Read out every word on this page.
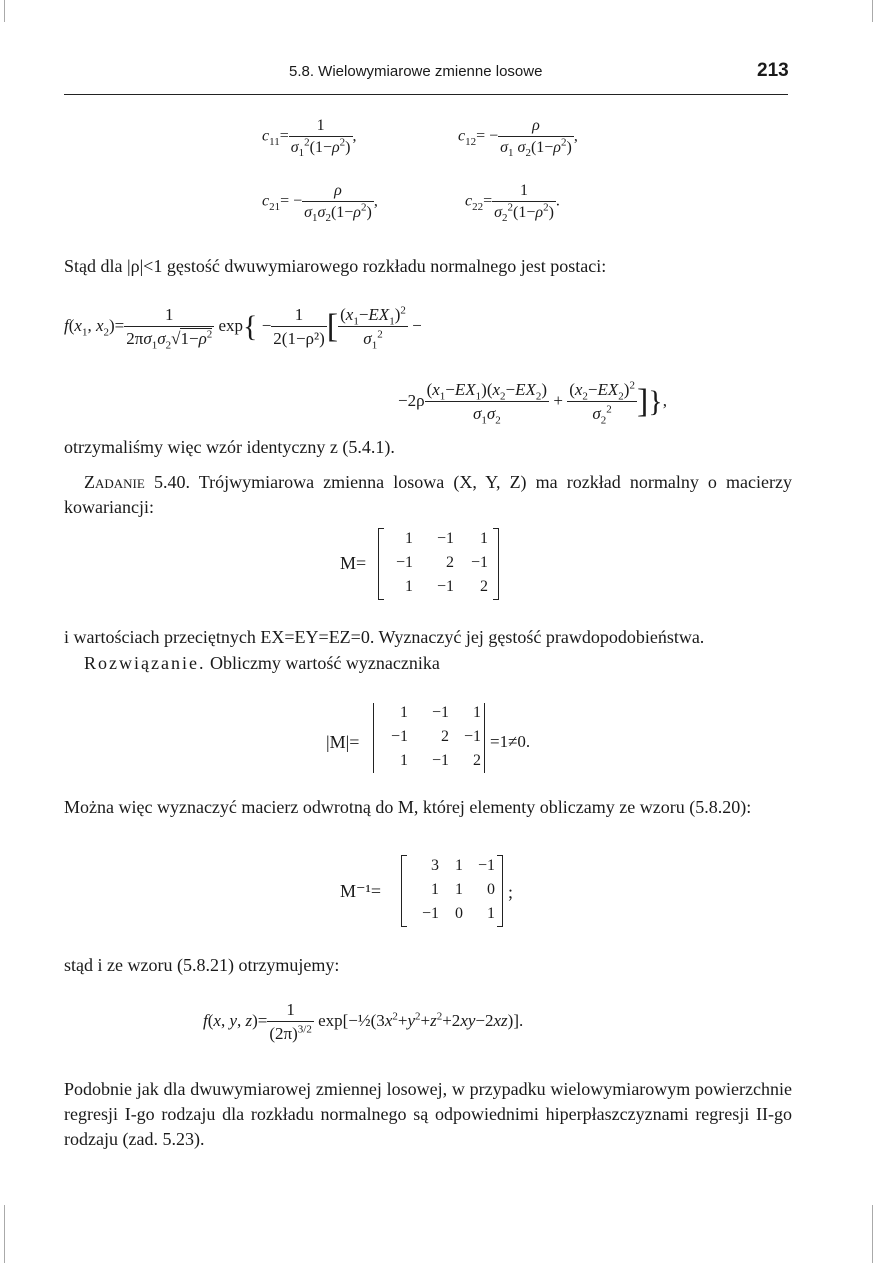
5.8. Wielowymiarowe zmienne losowe	213
$c_{11}= \frac{1}{\sigma_1^2(1-\rho^2)}$ ,	$c_{12}= - \frac{\rho}{\sigma_1 \sigma_2(1-\rho^2)}$ ,
$c_{21}= - \frac{\rho}{\sigma_1\sigma_2(1-\rho^2)}$ ,	$c_{22}= \frac{1}{\sigma_2^2(1-\rho^2)}$ .
Stąd dla |ρ|<1 gęstość dwuwymiarowego rozkładu normalnego jest postaci:
$f(x_1$, $x_2)= \frac{1}{2\pi\sigma_1\sigma_2√1-\rho^2} \exp\{ - \frac{1}{\text{2(1−ρ²)}}$ [ $\frac{(x_1-EX_1)^2}{\sigma_1^2}$ −
$-2\rho \frac{(x_1-EX_1)(x_2-EX_2)}{\sigma_1\sigma_2} + \frac{(x_2-EX_2)^2}{\sigma_2^2}$ ]},
otrzymaliśmy więc wzór identyczny z (5.4.1).
Zadanie 5.40. Trójwymiarowa zmienna losowa (X, Y, Z) ma rozkład normalny o macierzy kowariancji:
M=
1	−1	1
−1	2	−1
1	−1	2
i wartościach przeciętnych EX=EY=EZ=0. Wyznaczyć jej gęstość prawdopodobieństwa.
Rozwiązanie. Obliczmy wartość wyznacznika
|M|=
1	−1	1
−1	2 −1
1	−1	2
=1≠0.
Można więc wyznaczyć macierz odwrotną do M, której elementy obliczamy ze wzoru (5.8.20):
M⁻¹=
3	1 −1
1	1	0
−1	0	1
;
stąd i ze wzoru (5.8.21) otrzymujemy:
f(x, y, $z)= \frac{1}{(2\pi)^{3/2}}$ $\exp[-\frac{1}{2}(3x^2+y^2+z^2+2xy-2xz)]$.
Podobnie jak dla dwuwymiarowej zmiennej losowej, w przypadku wielowymiarowym powierzchnie regresji I-go rodzaju dla rozkładu normalnego są odpowiednimi hiperpłaszczyznami regresji II-go rodzaju (zad. 5.23).
